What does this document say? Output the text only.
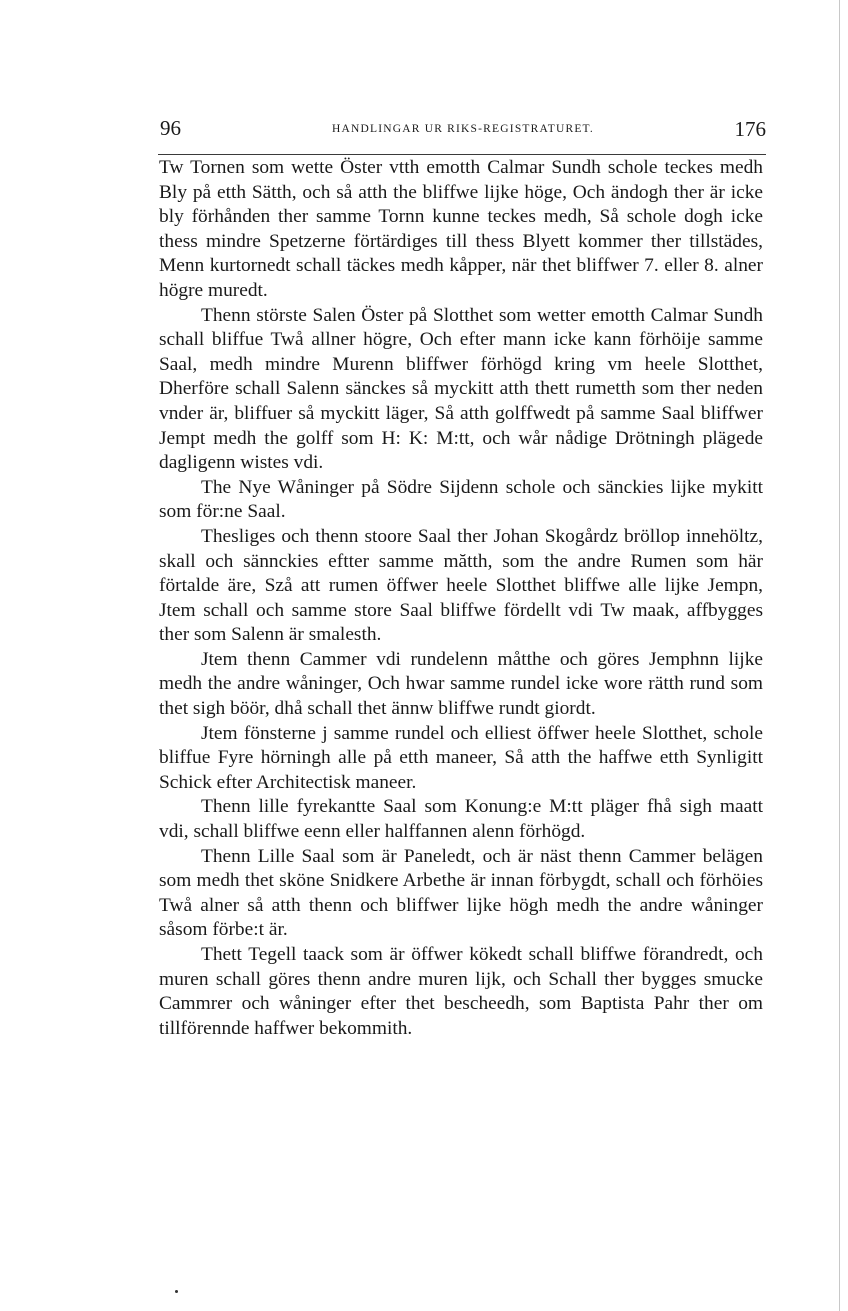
96	HANDLINGAR UR RIKS-REGISTRATURET.	176

Tw Tornen som wette Öster vtth emotth Calmar Sundh schole teckes medh Bly på etth Sätth, och så atth the bliffwe lijke höge, Och ändogh ther är icke bly förhånden ther samme Tornn kunne teckes medh, Så schole dogh icke thess mindre Spetzerne förtärdiges till thess Blyett kommer ther tillstädes, Menn kurtornedt schall täckes medh kåpper, när thet bliffwer 7. eller 8. alner högre muredt.

Thenn störste Salen Öster på Slotthet som wetter emotth Calmar Sundh schall bliffue Twå allner högre, Och efter mann icke kann förhöije samme Saal, medh mindre Murenn bliffwer förhögd kring vm heele Slotthet, Dherföre schall Salenn sänckes så myckitt atth thett rumetth som ther neden vnder är, bliffuer så myckitt läger, Så atth golffwedt på samme Saal bliffwer Jempt medh the golff som H: K: M:tt, och wår nådige Drötningh plägede dagligenn wistes vdi.

The Nye Wåninger på Södre Sijdenn schole och sänckies lijke mykitt som för:ne Saal.

Thesliges och thenn stoore Saal ther Johan Skogårdz bröllop innehöltz, skall och sännckies eftter samme mătth, som the andre Rumen som här förtalde äre, Szå att rumen öffwer heele Slotthet bliffwe alle lijke Jempn, Jtem schall och samme store Saal bliffwe fördellt vdi Tw maak, affbygges ther som Salenn är smalesth.

Jtem thenn Cammer vdi rundelenn måtthe och göres Jemphnn lijke medh the andre wåninger, Och hwar samme rundel icke wore rätth rund som thet sigh böör, dhå schall thet ännw bliffwe rundt giordt.

Jtem fönsterne j samme rundel och elliest öffwer heele Slotthet, schole bliffue Fyre hörningh alle på etth maneer, Så atth the haffwe etth Synligitt Schick efter Architectisk maneer.

Thenn lille fyrekantte Saal som Konung:e M:tt pläger fhå sigh maatt vdi, schall bliffwe eenn eller halffannen alenn förhögd.

Thenn Lille Saal som är Paneledt, och är näst thenn Cammer belägen som medh thet sköne Snidkere Arbethe är innan förbygdt, schall och förhöies Twå alner så atth thenn och bliffwer lijke högh medh the andre wåninger såsom förbe:t är.

Thett Tegell taack som är öffwer kökedt schall bliffwe förandredt, och muren schall göres thenn andre muren lijk, och Schall ther bygges smucke Cammrer och wåninger efter thet bescheedh, som Baptista Pahr ther om tillförennde haffwer bekommith.
